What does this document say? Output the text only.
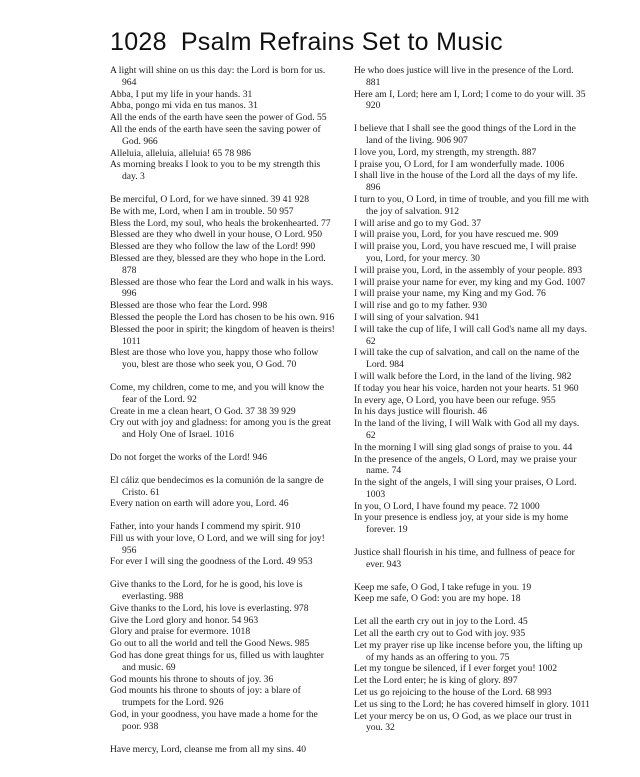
1028 Psalm Refrains Set to Music

A light will shine on us this day: the Lord is born for us. 964

Abba, I put my life in your hands. 31

Abba, pongo mi vida en tus manos. 31

All the ends of the earth have seen the power of God. 55

All the ends of the earth have seen the saving power of God. 966

Alleluia, alleluia, alleluia! 65 78 986

As morning breaks I look to you to be my strength this day. 3

Be merciful, O Lord, for we have sinned. 39 41 928

Be with me, Lord, when I am in trouble. 50 957

Bless the Lord, my soul, who heals the brokenhearted. 77

Blessed are they who dwell in your house, O Lord. 950

Blessed are they who follow the law of the Lord! 990

Blessed are they, blessed are they who hope in the Lord. 878

Blessed are those who fear the Lord and walk in his ways. 996

Blessed are those who fear the Lord. 998

Blessed the people the Lord has chosen to be his own. 916

Blessed the poor in spirit; the kingdom of heaven is theirs! 1011

Blest are those who love you, happy those who follow you, blest are those who seek you, O God. 70

Come, my children, come to me, and you will know the fear of the Lord. 92

Create in me a clean heart, O God. 37 38 39 929

Cry out with joy and gladness: for among you is the great and Holy One of Israel. 1016

Do not forget the works of the Lord! 946

El cáliz que bendecimos es la comunión de la sangre de Cristo. 61

Every nation on earth will adore you, Lord. 46

Father, into your hands I commend my spirit. 910

Fill us with your love, O Lord, and we will sing for joy! 956

For ever I will sing the goodness of the Lord. 49 953

Give thanks to the Lord, for he is good, his love is everlasting. 988

Give thanks to the Lord, his love is everlasting. 978

Give the Lord glory and honor. 54 963

Glory and praise for evermore. 1018

Go out to all the world and tell the Good News. 985

God has done great things for us, filled us with laughter and music. 69

God mounts his throne to shouts of joy. 36

God mounts his throne to shouts of joy: a blare of trumpets for the Lord. 926

God, in your goodness, you have made a home for the poor. 938

Have mercy, Lord, cleanse me from all my sins. 40

He who does justice will live in the presence of the Lord. 881

Here am I, Lord; here am I, Lord; I come to do your will. 35 920

I believe that I shall see the good things of the Lord in the land of the living. 906 907

I love you, Lord, my strength, my strength. 887

I praise you, O Lord, for I am wonderfully made. 1006

I shall live in the house of the Lord all the days of my life. 896

I turn to you, O Lord, in time of trouble, and you fill me with the joy of salvation. 912

I will arise and go to my God. 37

I will praise you, Lord, for you have rescued me. 909

I will praise you, Lord, you have rescued me, I will praise you, Lord, for your mercy. 30

I will praise you, Lord, in the assembly of your people. 893

I will praise your name for ever, my king and my God. 1007

I will praise your name, my King and my God. 76

I will rise and go to my father. 930

I will sing of your salvation. 941

I will take the cup of life, I will call God's name all my days. 62

I will take the cup of salvation, and call on the name of the Lord. 984

I will walk before the Lord, in the land of the living. 982

If today you hear his voice, harden not your hearts. 51 960

In every age, O Lord, you have been our refuge. 955

In his days justice will flourish. 46

In the land of the living, I will Walk with God all my days. 62

In the morning I will sing glad songs of praise to you. 44

In the presence of the angels, O Lord, may we praise your name. 74

In the sight of the angels, I will sing your praises, O Lord. 1003

In you, O Lord, I have found my peace. 72 1000

In your presence is endless joy, at your side is my home forever. 19

Justice shall flourish in his time, and fullness of peace for ever. 943

Keep me safe, O God, I take refuge in you. 19

Keep me safe, O God: you are my hope. 18

Let all the earth cry out in joy to the Lord. 45

Let all the earth cry out to God with joy. 935

Let my prayer rise up like incense before you, the lifting up of my hands as an offering to you. 75

Let my tongue be silenced, if I ever forget you! 1002

Let the Lord enter; he is king of glory. 897

Let us go rejoicing to the house of the Lord. 68 993

Let us sing to the Lord; he has covered himself in glory. 1011

Let your mercy be on us, O God, as we place our trust in you. 32
